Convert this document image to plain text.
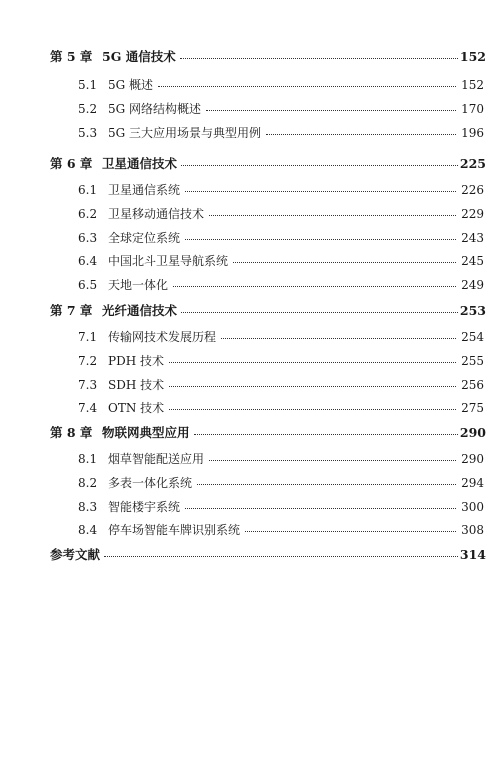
第 5 章 5G 通信技术	152
5.1 5G 概述	152
5.2 5G 网络结构概述	170
5.3 5G 三大应用场景与典型用例	196
第 6 章 卫星通信技术	225
6.1 卫星通信系统	226
6.2 卫星移动通信技术	229
6.3 全球定位系统	243
6.4 中国北斗卫星导航系统	245
6.5 天地一体化	249
第 7 章 光纤通信技术	253
7.1 传输网技术发展历程	254
7.2 PDH 技术	255
7.3 SDH 技术	256
7.4 OTN 技术	275
第 8 章 物联网典型应用	290
8.1 烟草智能配送应用	290
8.2 多表一体化系统	294
8.3 智能楼宇系统	300
8.4 停车场智能车牌识别系统	308
参考文献	314
